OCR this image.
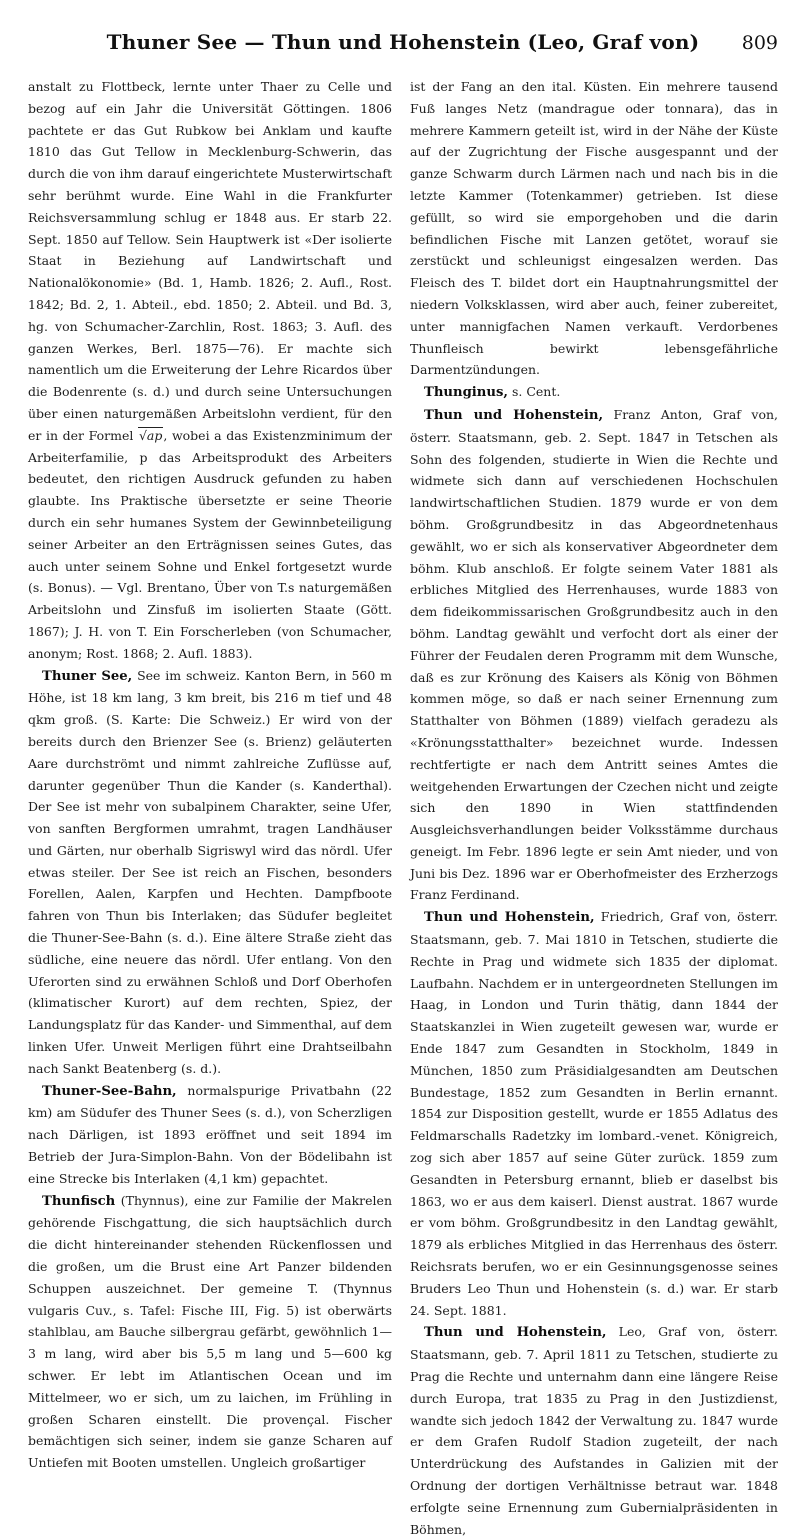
Thuner See — Thun und Hohenstein (Leo, Graf von)	809

anstalt zu Flottbeck, lernte unter Thaer zu Celle und bezog auf ein Jahr die Universität Göttingen. 1806 pachtete er das Gut Rubkow bei Anklam und kaufte 1810 das Gut Tellow in Mecklenburg-Schwerin, das durch die von ihm darauf eingerichtete Musterwirtschaft sehr berühmt wurde. Eine Wahl in die Frankfurter Reichsversammlung schlug er 1848 aus. Er starb 22. Sept. 1850 auf Tellow. Sein Hauptwerk ist «Der isolierte Staat in Beziehung auf Landwirtschaft und Nationalökonomie» (Bd. 1, Hamb. 1826; 2. Aufl., Rost. 1842; Bd. 2, 1. Abteil., ebd. 1850; 2. Abteil. und Bd. 3, hg. von Schumacher-Zarchlin, Rost. 1863; 3. Aufl. des ganzen Werkes, Berl. 1875—76). Er machte sich namentlich um die Erweiterung der Lehre Ricardos über die Bodenrente (s. d.) und durch seine Untersuchungen über einen naturgemäßen Arbeitslohn verdient, für den er in der Formel √ap, wobei a das Existenzminimum der Arbeiterfamilie, p das Arbeitsprodukt des Arbeiters bedeutet, den richtigen Ausdruck gefunden zu haben glaubte. Ins Praktische übersetzte er seine Theorie durch ein sehr humanes System der Gewinnbeteiligung seiner Arbeiter an den Erträgnissen seines Gutes, das auch unter seinem Sohne und Enkel fortgesetzt wurde (s. Bonus). — Vgl. Brentano, Über von T.s naturgemäßen Arbeitslohn und Zinsfuß im isolierten Staate (Gött. 1867); J. H. von T. Ein Forscherleben (von Schumacher, anonym; Rost. 1868; 2. Aufl. 1883).

Thuner See, See im schweiz. Kanton Bern, in 560 m Höhe, ist 18 km lang, 3 km breit, bis 216 m tief und 48 qkm groß. (S. Karte: Die Schweiz.) Er wird von der bereits durch den Brienzer See (s. Brienz) geläuterten Aare durchströmt und nimmt zahlreiche Zuflüsse auf, darunter gegenüber Thun die Kander (s. Kanderthal). Der See ist mehr von subalpinem Charakter, seine Ufer, von sanften Bergformen umrahmt, tragen Landhäuser und Gärten, nur oberhalb Sigriswyl wird das nördl. Ufer etwas steiler. Der See ist reich an Fischen, besonders Forellen, Aalen, Karpfen und Hechten. Dampfboote fahren von Thun bis Interlaken; das Südufer begleitet die Thuner-See-Bahn (s. d.). Eine ältere Straße zieht das südliche, eine neuere das nördl. Ufer entlang. Von den Uferorten sind zu erwähnen Schloß und Dorf Oberhofen (klimatischer Kurort) auf dem rechten, Spiez, der Landungsplatz für das Kander- und Simmenthal, auf dem linken Ufer. Unweit Merligen führt eine Drahtseilbahn nach Sankt Beatenberg (s. d.).

Thuner-See-Bahn, normalspurige Privatbahn (22 km) am Südufer des Thuner Sees (s. d.), von Scherzligen nach Därligen, ist 1893 eröffnet und seit 1894 im Betrieb der Jura-Simplon-Bahn. Von der Bödelibahn ist eine Strecke bis Interlaken (4,1 km) gepachtet.

Thunfisch (Thynnus), eine zur Familie der Makrelen gehörende Fischgattung, die sich hauptsächlich durch die dicht hintereinander stehenden Rückenflossen und die großen, um die Brust eine Art Panzer bildenden Schuppen auszeichnet. Der gemeine T. (Thynnus vulgaris Cuv., s. Tafel: Fische III, Fig. 5) ist oberwärts stahlblau, am Bauche silbergrau gefärbt, gewöhnlich 1—3 m lang, wird aber bis 5,5 m lang und 5—600 kg schwer. Er lebt im Atlantischen Ocean und im Mittelmeer, wo er sich, um zu laichen, im Frühling in großen Scharen einstellt. Die provençal. Fischer bemächtigen sich seiner, indem sie ganze Scharen auf Untiefen mit Booten umstellen. Ungleich großartiger

ist der Fang an den ital. Küsten. Ein mehrere tausend Fuß langes Netz (mandrague oder tonnara), das in mehrere Kammern geteilt ist, wird in der Nähe der Küste auf der Zugrichtung der Fische ausgespannt und der ganze Schwarm durch Lärmen nach und nach bis in die letzte Kammer (Totenkammer) getrieben. Ist diese gefüllt, so wird sie emporgehoben und die darin befindlichen Fische mit Lanzen getötet, worauf sie zerstückt und schleunigst eingesalzen werden. Das Fleisch des T. bildet dort ein Hauptnahrungsmittel der niedern Volksklassen, wird aber auch, feiner zubereitet, unter mannigfachen Namen verkauft. Verdorbenes Thunfleisch bewirkt lebensgefährliche Darmentzündungen.

Thunginus, s. Cent.

Thun und Hohenstein, Franz Anton, Graf von, österr. Staatsmann, geb. 2. Sept. 1847 in Tetschen als Sohn des folgenden, studierte in Wien die Rechte und widmete sich dann auf verschiedenen Hochschulen landwirtschaftlichen Studien. 1879 wurde er von dem böhm. Großgrundbesitz in das Abgeordnetenhaus gewählt, wo er sich als konservativer Abgeordneter dem böhm. Klub anschloß. Er folgte seinem Vater 1881 als erbliches Mitglied des Herrenhauses, wurde 1883 von dem fideikommissarischen Großgrundbesitz auch in den böhm. Landtag gewählt und verfocht dort als einer der Führer der Feudalen deren Programm mit dem Wunsche, daß es zur Krönung des Kaisers als König von Böhmen kommen möge, so daß er nach seiner Ernennung zum Statthalter von Böhmen (1889) vielfach geradezu als «Krönungsstatthalter» bezeichnet wurde. Indessen rechtfertigte er nach dem Antritt seines Amtes die weitgehenden Erwartungen der Czechen nicht und zeigte sich den 1890 in Wien stattfindenden Ausgleichsverhandlungen beider Volksstämme durchaus geneigt. Im Febr. 1896 legte er sein Amt nieder, und von Juni bis Dez. 1896 war er Oberhofmeister des Erzherzogs Franz Ferdinand.

Thun und Hohenstein, Friedrich, Graf von, österr. Staatsmann, geb. 7. Mai 1810 in Tetschen, studierte die Rechte in Prag und widmete sich 1835 der diplomat. Laufbahn. Nachdem er in untergeordneten Stellungen im Haag, in London und Turin thätig, dann 1844 der Staatskanzlei in Wien zugeteilt gewesen war, wurde er Ende 1847 zum Gesandten in Stockholm, 1849 in München, 1850 zum Präsidialgesandten am Deutschen Bundestage, 1852 zum Gesandten in Berlin ernannt. 1854 zur Disposition gestellt, wurde er 1855 Adlatus des Feldmarschalls Radetzky im lombard.-venet. Königreich, zog sich aber 1857 auf seine Güter zurück. 1859 zum Gesandten in Petersburg ernannt, blieb er daselbst bis 1863, wo er aus dem kaiserl. Dienst austrat. 1867 wurde er vom böhm. Großgrundbesitz in den Landtag gewählt, 1879 als erbliches Mitglied in das Herrenhaus des österr. Reichsrats berufen, wo er ein Gesinnungsgenosse seines Bruders Leo Thun und Hohenstein (s. d.) war. Er starb 24. Sept. 1881.

Thun und Hohenstein, Leo, Graf von, österr. Staatsmann, geb. 7. April 1811 zu Tetschen, studierte zu Prag die Rechte und unternahm dann eine längere Reise durch Europa, trat 1835 zu Prag in den Justizdienst, wandte sich jedoch 1842 der Verwaltung zu. 1847 wurde er dem Grafen Rudolf Stadion zugeteilt, der nach Unterdrückung des Aufstandes in Galizien mit der Ordnung der dortigen Verhältnisse betraut war. 1848 erfolgte seine Ernennung zum Gubernialpräsidenten in Böhmen,
